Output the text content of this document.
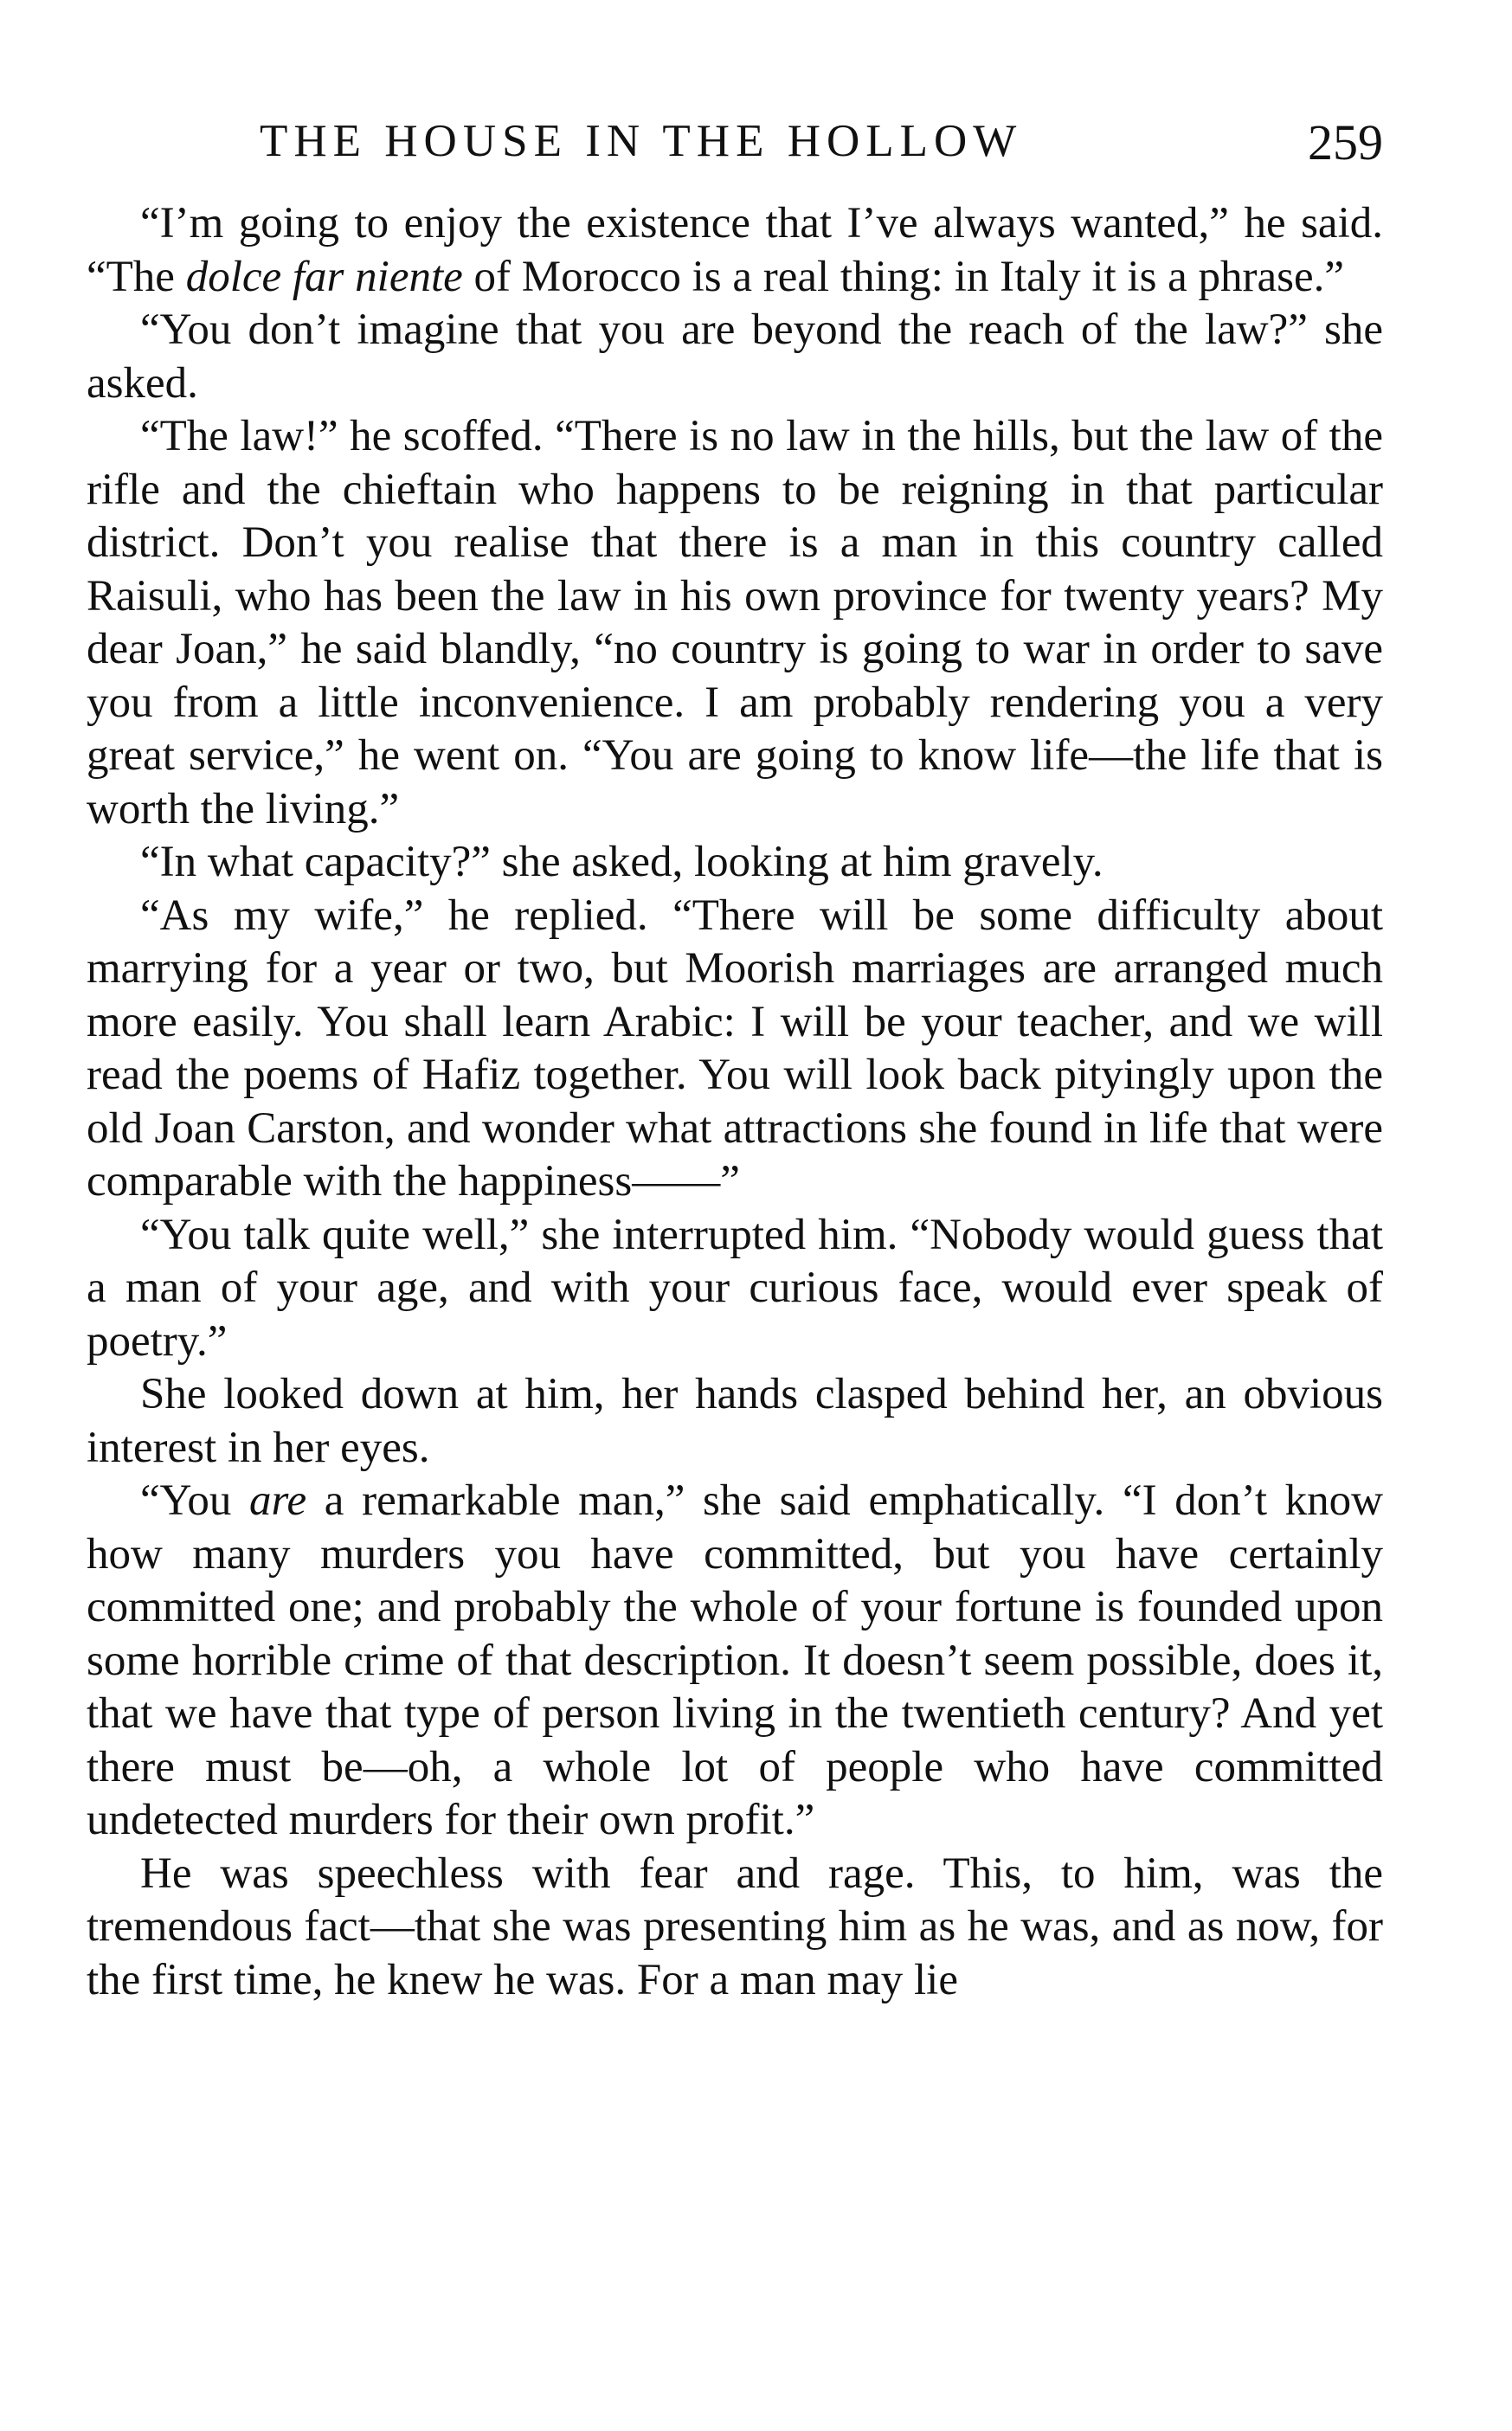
THE HOUSE IN THE HOLLOW	259

“I’m going to enjoy the existence that I’ve always wanted,” he said. “The dolce far niente of Morocco is a real thing: in Italy it is a phrase.”

“You don’t imagine that you are beyond the reach of the law?” she asked.

“The law!” he scoffed. “There is no law in the hills, but the law of the rifle and the chieftain who happens to be reigning in that particular district. Don’t you realise that there is a man in this country called Raisuli, who has been the law in his own province for twenty years? My dear Joan,” he said blandly, “no country is going to war in order to save you from a little inconvenience. I am probably rendering you a very great service,” he went on. “You are going to know life—the life that is worth the living.”

“In what capacity?” she asked, looking at him gravely.

“As my wife,” he replied. “There will be some difficulty about marrying for a year or two, but Moorish marriages are arranged much more easily. You shall learn Arabic: I will be your teacher, and we will read the poems of Hafiz together. You will look back pityingly upon the old Joan Carston, and wonder what attractions she found in life that were comparable with the happiness——”

“You talk quite well,” she interrupted him. “Nobody would guess that a man of your age, and with your curious face, would ever speak of poetry.”

She looked down at him, her hands clasped behind her, an obvious interest in her eyes.

“You are a remarkable man,” she said emphatically. “I don’t know how many murders you have committed, but you have certainly committed one; and probably the whole of your fortune is founded upon some horrible crime of that description. It doesn’t seem possible, does it, that we have that type of person living in the twentieth century? And yet there must be—oh, a whole lot of people who have committed undetected murders for their own profit.”

He was speechless with fear and rage. This, to him, was the tremendous fact—that she was presenting him as he was, and as now, for the first time, he knew he was. For a man may lie
